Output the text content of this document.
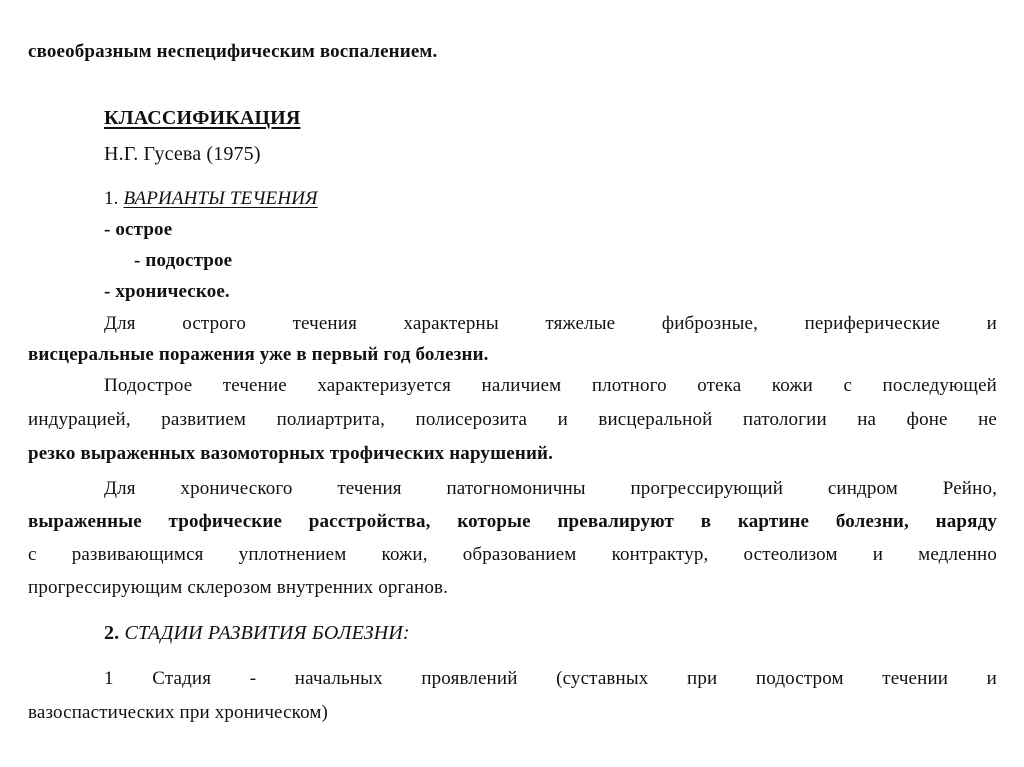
своеобразным неспецифическим воспалением.

КЛАССИФИКАЦИЯ

Н.Г. Гусева (1975)

1. ВАРИАНТЫ ТЕЧЕНИЯ

- острое

- подострое

- хроническое.

Для острого течения характерны тяжелые фиброзные, периферические и

висцеральные поражения уже в первый год болезни.

Подострое течение характеризуется наличием плотного отека кожи с последующей

индурацией, развитием полиартрита, полисерозита и висцеральной патологии на фоне не

резко выраженных вазомоторных трофических нарушений.

Для хронического течения патогномоничны прогрессирующий синдром Рейно,

выраженные трофические расстройства, которые превалируют в картине болезни, наряду

с развивающимся уплотнением кожи, образованием контрактур, остеолизом и медленно

прогрессирующим склерозом внутренних органов.

2. СТАДИИ РАЗВИТИЯ БОЛЕЗНИ:

1 Стадия - начальных проявлений (суставных при подостром течении и

вазоспастических при хроническом)
